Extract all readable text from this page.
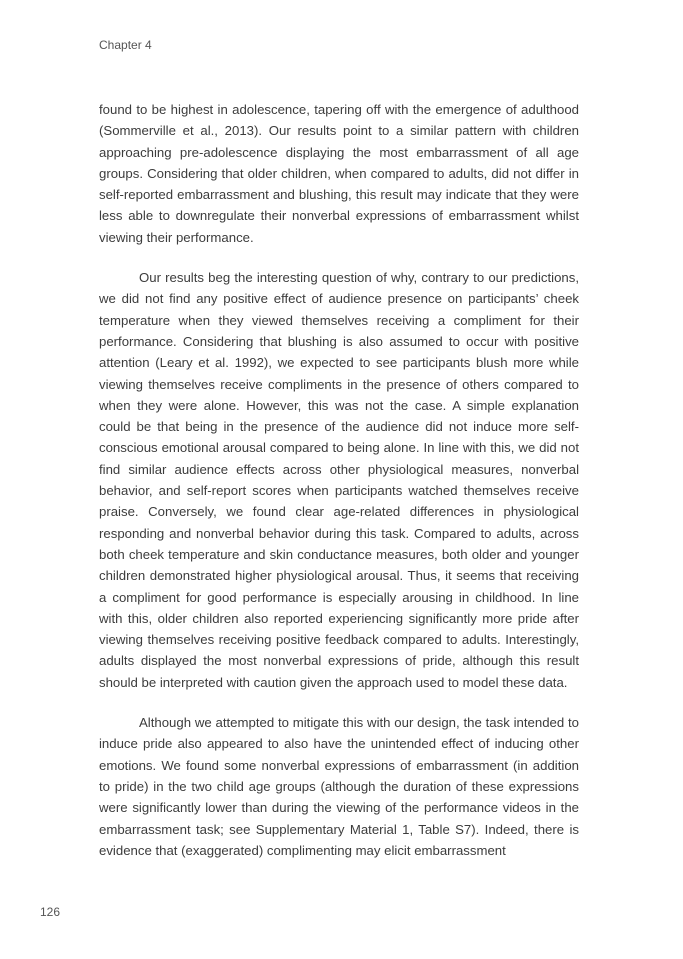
Chapter 4

found to be highest in adolescence, tapering off with the emergence of adulthood (Sommerville et al., 2013). Our results point to a similar pattern with children approaching pre-adolescence displaying the most embarrassment of all age groups. Considering that older children, when compared to adults, did not differ in self-reported embarrassment and blushing, this result may indicate that they were less able to downregulate their nonverbal expressions of embarrassment whilst viewing their performance.

Our results beg the interesting question of why, contrary to our predictions, we did not find any positive effect of audience presence on participants’ cheek temperature when they viewed themselves receiving a compliment for their performance. Considering that blushing is also assumed to occur with positive attention (Leary et al. 1992), we expected to see participants blush more while viewing themselves receive compliments in the presence of others compared to when they were alone. However, this was not the case. A simple explanation could be that being in the presence of the audience did not induce more self-conscious emotional arousal compared to being alone. In line with this, we did not find similar audience effects across other physiological measures, nonverbal behavior, and self-report scores when participants watched themselves receive praise. Conversely, we found clear age-related differences in physiological responding and nonverbal behavior during this task. Compared to adults, across both cheek temperature and skin conductance measures, both older and younger children demonstrated higher physiological arousal. Thus, it seems that receiving a compliment for good performance is especially arousing in childhood. In line with this, older children also reported experiencing significantly more pride after viewing themselves receiving positive feedback compared to adults. Interestingly, adults displayed the most nonverbal expressions of pride, although this result should be interpreted with caution given the approach used to model these data.

Although we attempted to mitigate this with our design, the task intended to induce pride also appeared to also have the unintended effect of inducing other emotions. We found some nonverbal expressions of embarrassment (in addition to pride) in the two child age groups (although the duration of these expressions were significantly lower than during the viewing of the performance videos in the embarrassment task; see Supplementary Material 1, Table S7). Indeed, there is evidence that (exaggerated) complimenting may elicit embarrassment

126
